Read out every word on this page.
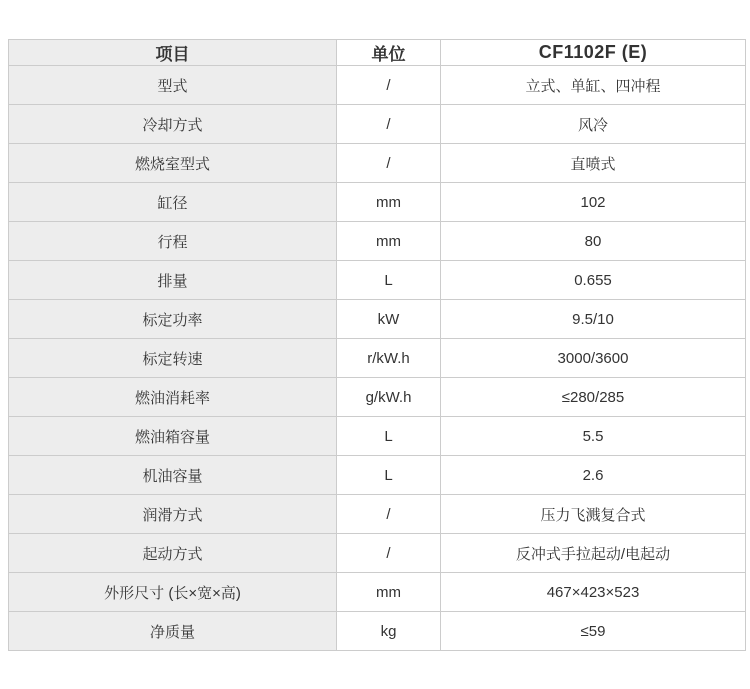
项目	单位	CF1102F (E)
型式	/	立式、单缸、四冲程
冷却方式	/	风冷
燃烧室型式	/	直喷式
缸径	mm	102
行程	mm	80
排量	L	0.655
标定功率	kW	9.5/10
标定转速	r/kW.h	3000/3600
燃油消耗率	g/kW.h	≤280/285
燃油箱容量	L	5.5
机油容量	L	2.6
润滑方式	/	压力飞溅复合式
起动方式	/	反冲式手拉起动/电起动
外形尺寸 (长×宽×高)	mm	467×423×523
净质量	kg	≤59
